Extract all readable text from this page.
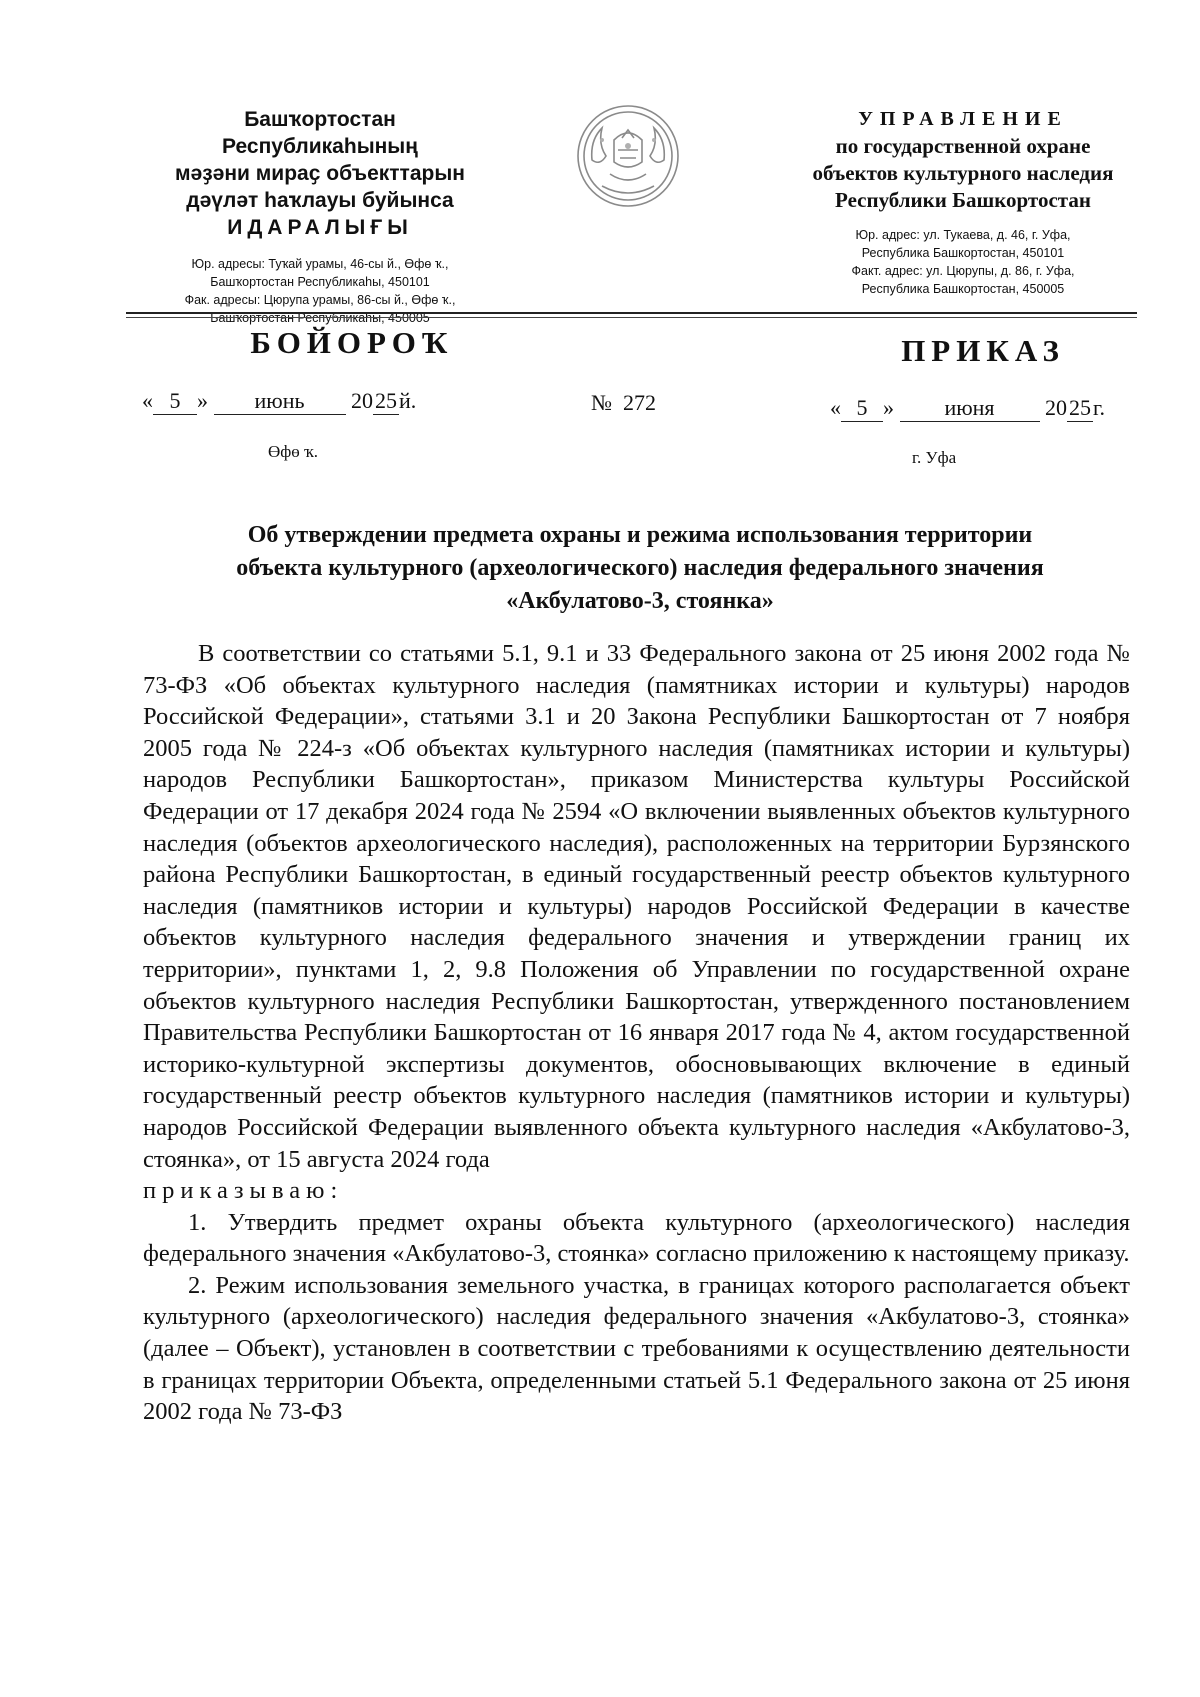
Башҡортостан Республикаһының
мәҙәни мираҫ объекттарын
дәүләт һаҡлауы буйынса
ИДАРАЛЫҒЫ
Юр. адресы: Туҡай урамы, 46-сы й., Өфө ҡ.,
Башҡортостан Республикаһы, 450101
Фак. адресы: Цюрупа урамы, 86-сы й., Өфө ҡ.,
Башҡортостан Республикаһы, 450005
УПРАВЛЕНИЕ
по государственной охране
объектов культурного наследия
Республики Башкортостан
Юр. адрес: ул. Тукаева, д. 46, г. Уфа,
Республика Башкортостан, 450101
Факт. адрес: ул. Цюрупы, д. 86, г. Уфа,
Республика Башкортостан, 450005
БОЙОРОҠ	ПРИКАЗ
« 5 » июнь 2025й.	№ 272	« 5 » июня 2025г.
Өфө ҡ.	г. Уфа
Об утверждении предмета охраны и режима использования территории
объекта культурного (археологического) наследия федерального значения
«Акбулатово-3, стоянка»

В соответствии со статьями 5.1, 9.1 и 33 Федерального закона от 25 июня 2002 года № 73-ФЗ «Об объектах культурного наследия (памятниках истории и культуры) народов Российской Федерации», статьями 3.1 и 20 Закона Республики Башкортостан от 7 ноября 2005 года № 224-з «Об объектах культурного наследия (памятниках истории и культуры) народов Республики Башкортостан», приказом Министерства культуры Российской Федерации от 17 декабря 2024 года № 2594 «О включении выявленных объектов культурного наследия (объектов археологического наследия), расположенных на территории Бурзянского района Республики Башкортостан, в единый государственный реестр объектов культурного наследия (памятников истории и культуры) народов Российской Федерации в качестве объектов культурного наследия федерального значения и утверждении границ их территории», пунктами 1, 2, 9.8 Положения об Управлении по государственной охране объектов культурного наследия Республики Башкортостан, утвержденного постановлением Правительства Республики Башкортостан от 16 января 2017 года № 4, актом государственной историко-культурной экспертизы документов, обосновывающих включение в единый государственный реестр объектов культурного наследия (памятников истории и культуры) народов Российской Федерации выявленного объекта культурного наследия «Акбулатово-3, стоянка», от 15 августа 2024 года

приказываю:

1. Утвердить предмет охраны объекта культурного (археологического) наследия федерального значения «Акбулатово-3, стоянка» согласно приложению к настоящему приказу.

2. Режим использования земельного участка, в границах которого располагается объект культурного (археологического) наследия федерального значения «Акбулатово-3, стоянка» (далее – Объект), установлен в соответствии с требованиями к осуществлению деятельности в границах территории Объекта, определенными статьей 5.1 Федерального закона от 25 июня 2002 года № 73-ФЗ
